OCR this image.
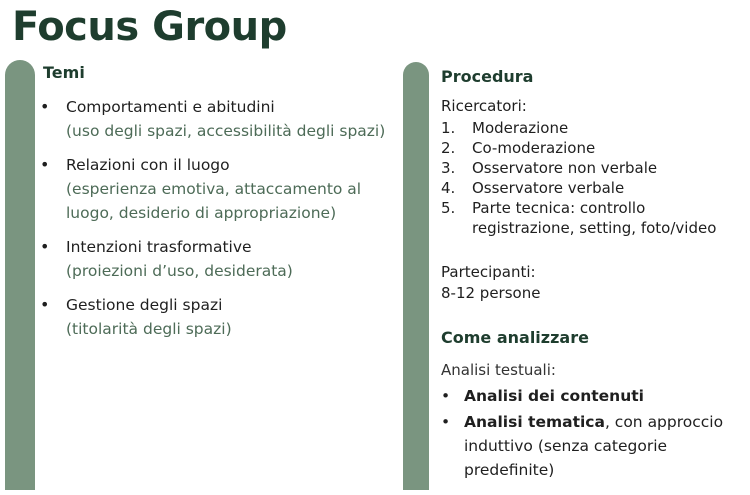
Focus Group
Temi
• Comportamenti e abitudini
(uso degli spazi, accessibilità degli spazi)
• Relazioni con il luogo
(esperienza emotiva, attaccamento al luogo, desiderio di appropriazione)
• Intenzioni trasformative
(proiezioni d’uso, desiderata)
• Gestione degli spazi
(titolarità degli spazi)
Procedura
Ricercatori:
1. Moderazione
2. Co-moderazione
3. Osservatore non verbale
4. Osservatore verbale
5. Parte tecnica: controllo registrazione, setting, foto/video
Partecipanti:
8-12 persone
Come analizzare
Analisi testuali:
• Analisi dei contenuti
• Analisi tematica, con approccio induttivo (senza categorie predefinite)
